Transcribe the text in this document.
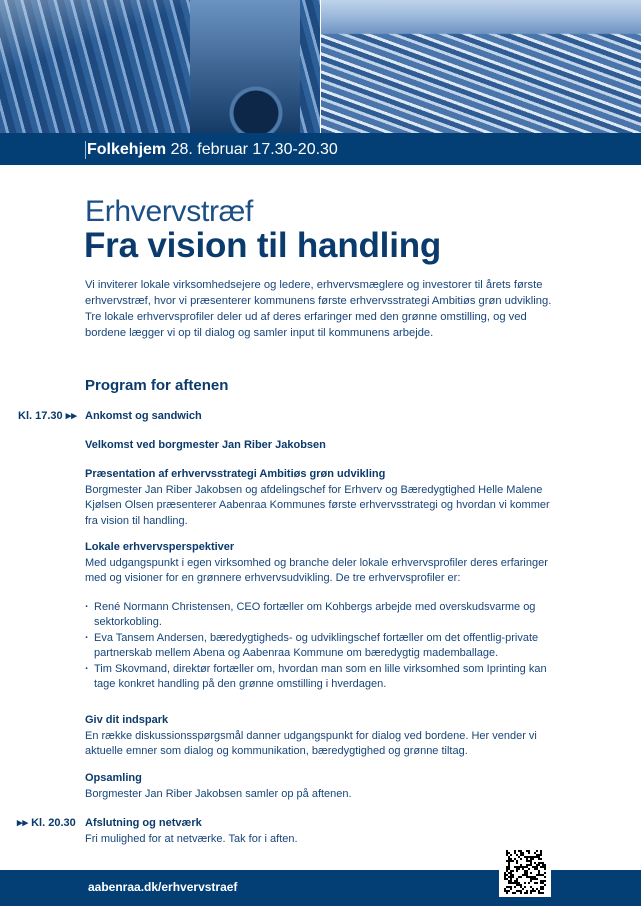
Folkehjem 28. februar 17.30-20.30
Erhvervstræf
Fra vision til handling
Vi inviterer lokale virksomhedsejere og ledere, erhvervsmæglere og investorer til årets første erhvervstræf, hvor vi præsenterer kommunens første erhvervsstrategi Ambitiøs grøn udvikling. Tre lokale erhvervsprofiler deler ud af deres erfaringer med den grønne omstilling, og ved bordene lægger vi op til dialog og samler input til kommunens arbejde.
Program for aftenen
Kl. 17.30 ▸▸ Ankomst og sandwich
Velkomst ved borgmester Jan Riber Jakobsen
Præsentation af erhvervsstrategi Ambitiøs grøn udvikling
Borgmester Jan Riber Jakobsen og afdelingschef for Erhverv og Bæredygtighed Helle Malene Kjølsen Olsen præsenterer Aabenraa Kommunes første erhvervsstrategi og hvordan vi kommer fra vision til handling.
Lokale erhvervsperspektiver
Med udgangspunkt i egen virksomhed og branche deler lokale erhvervsprofiler deres erfaringer med og visioner for en grønnere erhvervsudvikling. De tre erhvervsprofiler er:
· René Normann Christensen, CEO fortæller om Kohbergs arbejde med overskudsvarme og sektorkobling.
· Eva Tansem Andersen, bæredygtigheds- og udviklingschef fortæller om det offentlig-private partnerskab mellem Abena og Aabenraa Kommune om bæredygtig mademballage.
· Tim Skovmand, direktør fortæller om, hvordan man som en lille virksomhed som Iprinting kan tage konkret handling på den grønne omstilling i hverdagen.
Giv dit indspark
En række diskussionsspørgsmål danner udgangspunkt for dialog ved bordene. Her vender vi aktuelle emner som dialog og kommunikation, bæredygtighed og grønne tiltag.
Opsamling
Borgmester Jan Riber Jakobsen samler op på aftenen.
▸▸ Kl. 20.30 Afslutning og netværk
Fri mulighed for at netværke. Tak for i aften.
aabenraa.dk/erhvervstraef
